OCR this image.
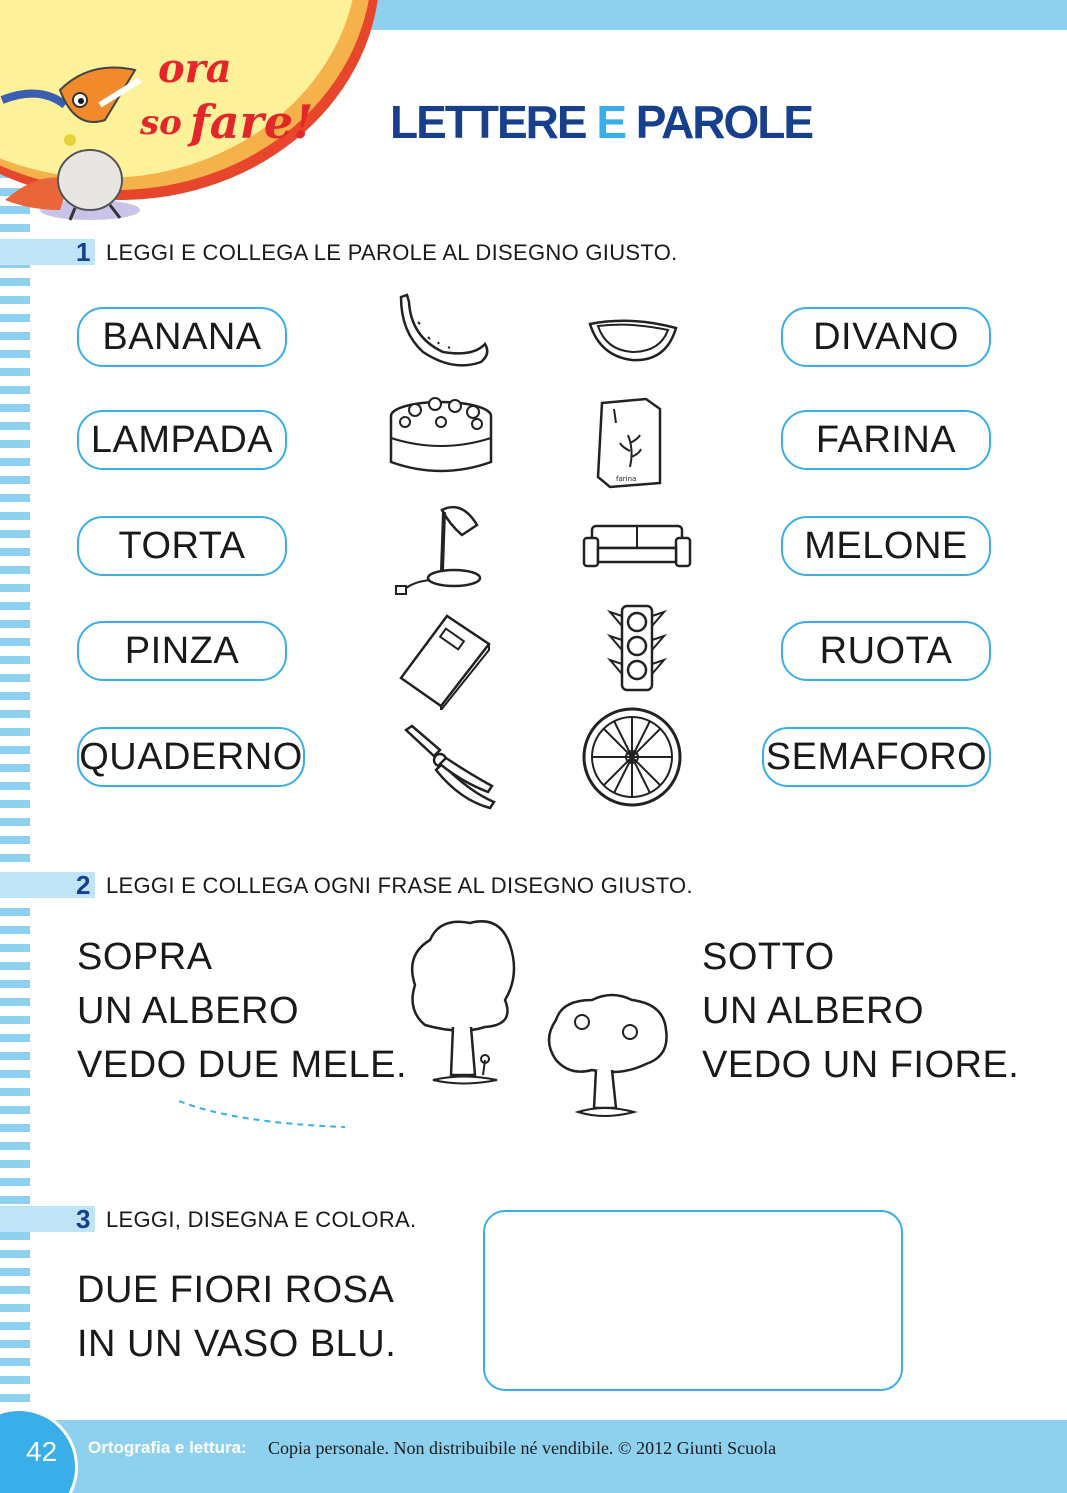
ora
so fare! LETTERE E PAROLE
1 LEGGI E COLLEGA LE PAROLE AL DISEGNO GIUSTO.
BANANA
LAMPADA
TORTA
PINZA
QUADERNO
DIVANO
FARINA
MELONE
RUOTA
SEMAFORO
farina
2 LEGGI E COLLEGA OGNI FRASE AL DISEGNO GIUSTO.
SOPRA
UN ALBERO
VEDO DUE MELE.
SOTTO
UN ALBERO
VEDO UN FIORE.
3 LEGGI, DISEGNA E COLORA.
DUE FIORI ROSA
IN UN VASO BLU.
42 Ortografia e lettura: Copia personale. Non distribuibile né vendibile. © 2012 Giunti Scuola
